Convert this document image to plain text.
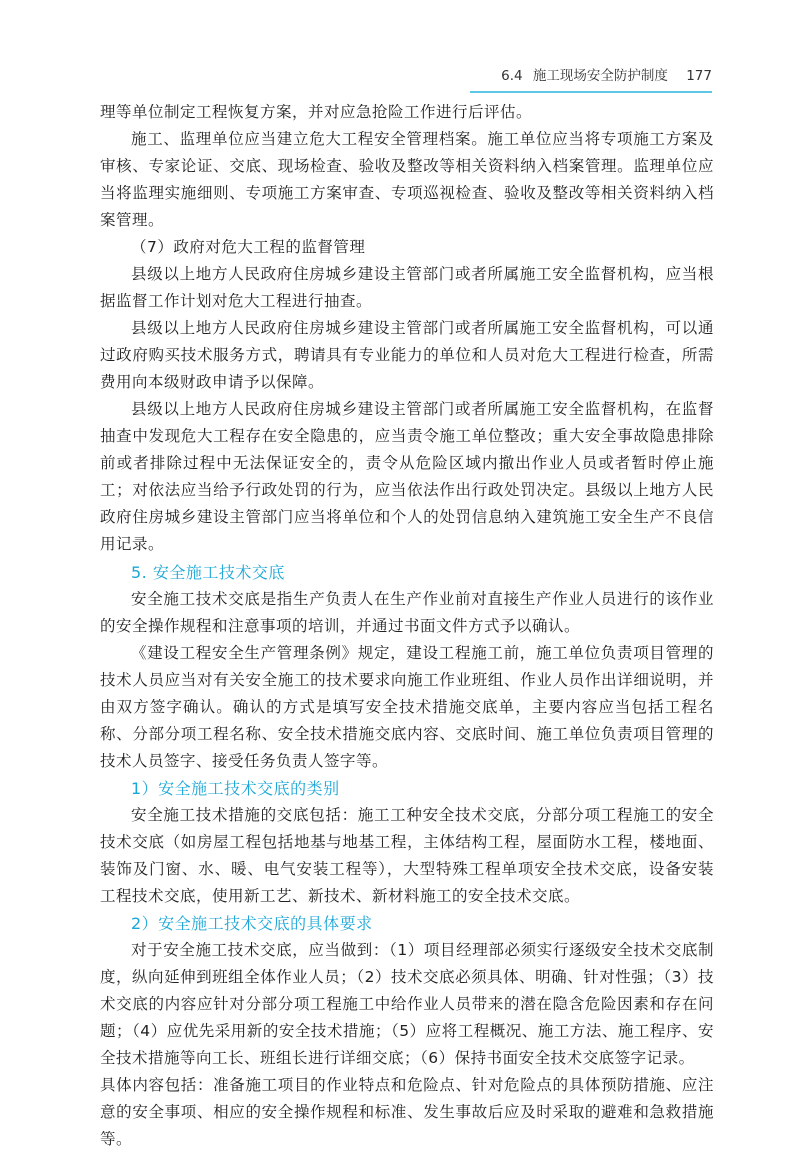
6.4 施工现场安全防护制度 177

理等单位制定工程恢复方案，并对应急抢险工作进行后评估。

施工、监理单位应当建立危大工程安全管理档案。施工单位应当将专项施工方案及审核、专家论证、交底、现场检查、验收及整改等相关资料纳入档案管理。监理单位应当将监理实施细则、专项施工方案审查、专项巡视检查、验收及整改等相关资料纳入档案管理。

（7）政府对危大工程的监督管理

县级以上地方人民政府住房城乡建设主管部门或者所属施工安全监督机构，应当根据监督工作计划对危大工程进行抽查。

县级以上地方人民政府住房城乡建设主管部门或者所属施工安全监督机构，可以通过政府购买技术服务方式，聘请具有专业能力的单位和人员对危大工程进行检查，所需费用向本级财政申请予以保障。

县级以上地方人民政府住房城乡建设主管部门或者所属施工安全监督机构，在监督抽查中发现危大工程存在安全隐患的，应当责令施工单位整改；重大安全事故隐患排除前或者排除过程中无法保证安全的，责令从危险区域内撤出作业人员或者暂时停止施工；对依法应当给予行政处罚的行为，应当依法作出行政处罚决定。县级以上地方人民政府住房城乡建设主管部门应当将单位和个人的处罚信息纳入建筑施工安全生产不良信用记录。

5. 安全施工技术交底

安全施工技术交底是指生产负责人在生产作业前对直接生产作业人员进行的该作业的安全操作规程和注意事项的培训，并通过书面文件方式予以确认。

《建设工程安全生产管理条例》规定，建设工程施工前，施工单位负责项目管理的技术人员应当对有关安全施工的技术要求向施工作业班组、作业人员作出详细说明，并由双方签字确认。确认的方式是填写安全技术措施交底单，主要内容应当包括工程名称、分部分项工程名称、安全技术措施交底内容、交底时间、施工单位负责项目管理的技术人员签字、接受任务负责人签字等。

1）安全施工技术交底的类别

安全施工技术措施的交底包括：施工工种安全技术交底，分部分项工程施工的安全技术交底（如房屋工程包括地基与地基工程，主体结构工程，屋面防水工程，楼地面、装饰及门窗、水、暖、电气安装工程等），大型特殊工程单项安全技术交底，设备安装工程技术交底，使用新工艺、新技术、新材料施工的安全技术交底。

2）安全施工技术交底的具体要求

对于安全施工技术交底，应当做到：（1）项目经理部必须实行逐级安全技术交底制度，纵向延伸到班组全体作业人员；（2）技术交底必须具体、明确、针对性强；（3）技术交底的内容应针对分部分项工程施工中给作业人员带来的潜在隐含危险因素和存在问题；（4）应优先采用新的安全技术措施；（5）应将工程概况、施工方法、施工程序、安全技术措施等向工长、班组长进行详细交底；（6）保持书面安全技术交底签字记录。

具体内容包括：准备施工项目的作业特点和危险点、针对危险点的具体预防措施、应注意的安全事项、相应的安全操作规程和标准、发生事故后应及时采取的避难和急救措施等。
